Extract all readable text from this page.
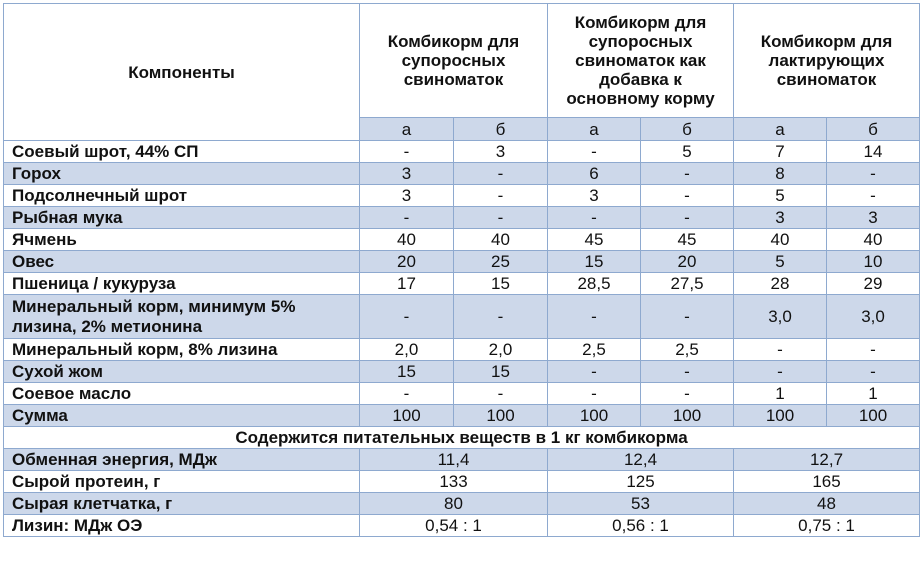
Компоненты	Комбикорм для супоросных свиноматок		Комбикорм для супоросных свиноматок как добавка к основному корму		Комбикорм для лактирующих свиноматок	
	а	б	а	б	а	б
Соевый шрот, 44% СП	-	3	-	5	7	14
Горох	3	-	6	-	8	-
Подсолнечный шрот	3	-	3	-	5	-
Рыбная мука	-	-	-	-	3	3
Ячмень	40	40	45	45	40	40
Овес	20	25	15	20	5	10
Пшеница / кукуруза	17	15	28,5	27,5	28	29
Минеральный корм, минимум 5% лизина, 2% метионина	-	-	-	-	3,0	3,0
Минеральный корм, 8% лизина	2,0	2,0	2,5	2,5	-	-
Сухой жом	15	15	-	-	-	-
Соевое масло	-	-	-	-	1	1
Сумма	100	100	100	100	100	100
Содержится питательных веществ в 1 кг комбикорма						
Обменная энергия, МДж	11,4		12,4		12,7	
Сырой протеин, г	133		125		165	
Сырая клетчатка, г	80		53		48	
Лизин: МДж ОЭ	0,54 : 1		0,56 : 1		0,75 : 1	
